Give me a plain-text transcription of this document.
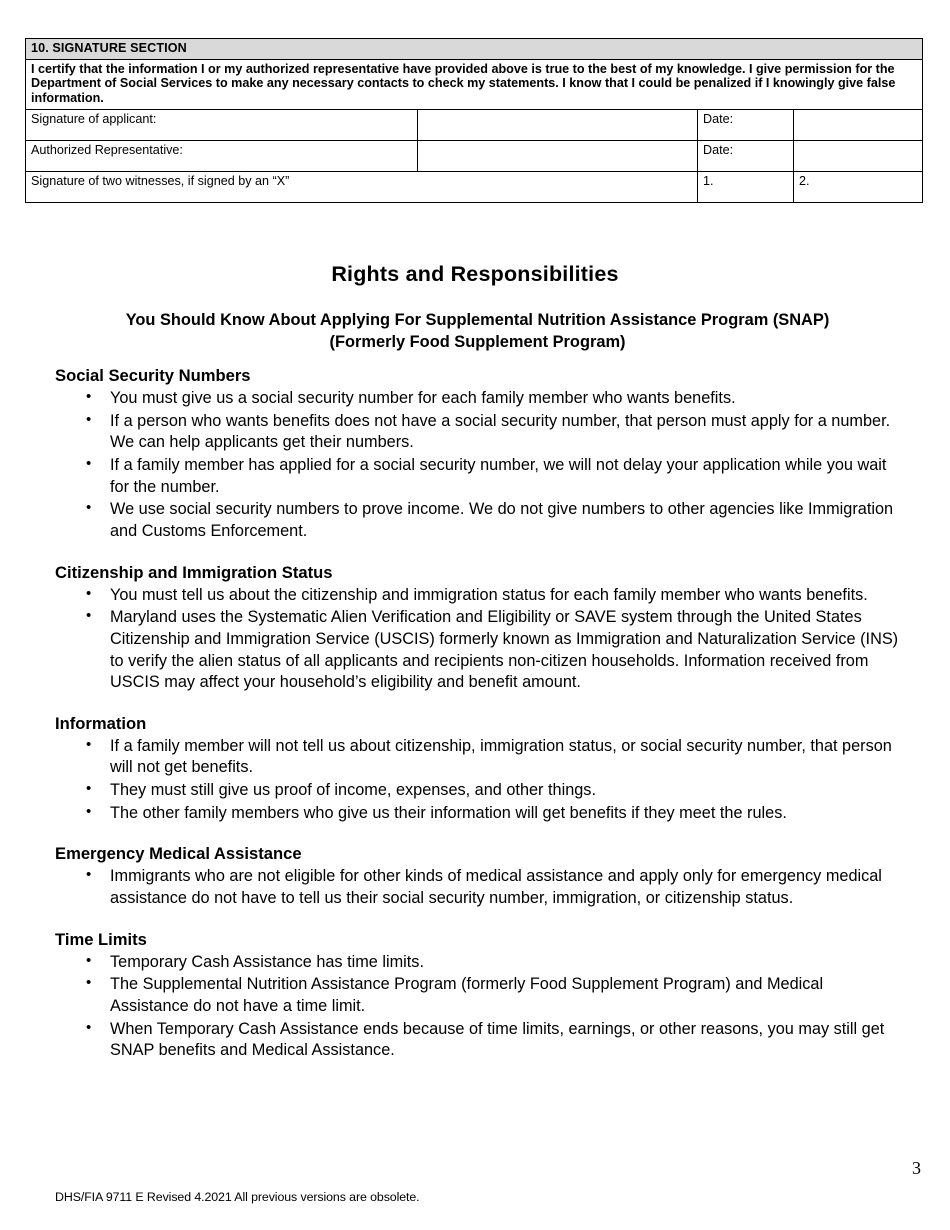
10. SIGNATURE SECTION			
I certify that the information I or my authorized representative have provided above is true to the best of my knowledge. I give permission for the Department of Social Services to make any necessary contacts to check my statements. I know that I could be penalized if I knowingly give false information.			
Signature of applicant:		Date:	
Authorized Representative:		Date:	
Signature of two witnesses, if signed by an “X”		1.	2.
Rights and Responsibilities
You Should Know About Applying For Supplemental Nutrition Assistance Program (SNAP)
(Formerly Food Supplement Program)
Social Security Numbers
• You must give us a social security number for each family member who wants benefits.
• If a person who wants benefits does not have a social security number, that person must apply for a number. We can help applicants get their numbers.
• If a family member has applied for a social security number, we will not delay your application while you wait for the number.
• We use social security numbers to prove income. We do not give numbers to other agencies like Immigration and Customs Enforcement.
Citizenship and Immigration Status
• You must tell us about the citizenship and immigration status for each family member who wants benefits.
• Maryland uses the Systematic Alien Verification and Eligibility or SAVE system through the United States Citizenship and Immigration Service (USCIS) formerly known as Immigration and Naturalization Service (INS) to verify the alien status of all applicants and recipients non-citizen households. Information received from USCIS may affect your household’s eligibility and benefit amount.
Information
• If a family member will not tell us about citizenship, immigration status, or social security number, that person will not get benefits.
• They must still give us proof of income, expenses, and other things.
• The other family members who give us their information will get benefits if they meet the rules.
Emergency Medical Assistance
• Immigrants who are not eligible for other kinds of medical assistance and apply only for emergency medical assistance do not have to tell us their social security number, immigration, or citizenship status.
Time Limits
• Temporary Cash Assistance has time limits.
• The Supplemental Nutrition Assistance Program (formerly Food Supplement Program) and Medical Assistance do not have a time limit.
• When Temporary Cash Assistance ends because of time limits, earnings, or other reasons, you may still get SNAP benefits and Medical Assistance.
3
DHS/FIA 9711 E Revised 4.2021 All previous versions are obsolete.
